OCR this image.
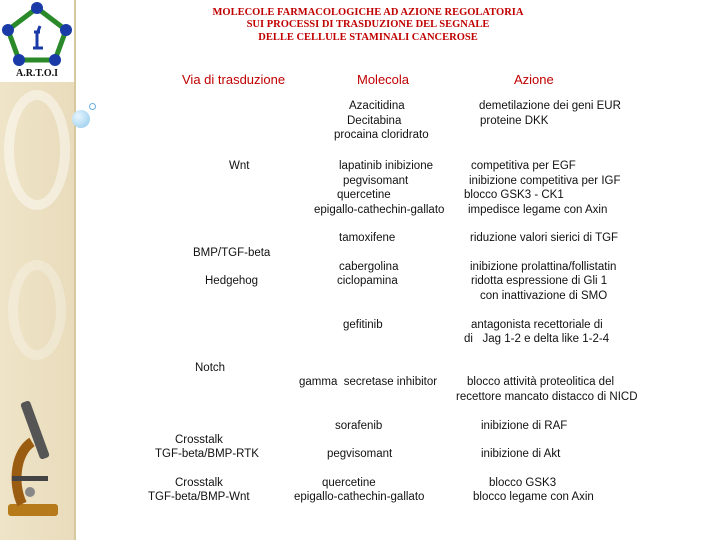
A.R.T.O.I
MOLECOLE FARMACOLOGICHE AD AZIONE REGOLATORIA
SUI PROCESSI DI TRASDUZIONE DEL SEGNALE
DELLE CELLULE STAMINALI CANCEROSE
Via di trasduzione	Molecola	Azione
Wnt
BMP/TGF-beta
Hedgehog
Notch
Crosstalk
TGF-beta/BMP-RTK
Crosstalk
TGF-beta/BMP-Wnt
Azacitidina
Decitabina
procaina cloridrato
lapatinib inibizione
pegvisomant
quercetine
epigallo-cathechin-gallato
tamoxifene
cabergolina
ciclopamina
gefitinib
gamma  secretase inhibitor
sorafenib
pegvisomant
quercetine
epigallo-cathechin-gallato
demetilazione dei geni EUR
proteine DKK
competitiva per EGF
inibizione competitiva per IGF
blocco GSK3 - CK1
impedisce legame con Axin
riduzione valori sierici di TGF
inibizione prolattina/follistatin
ridotta espressione di Gli 1
con inattivazione di SMO
antagonista recettoriale di
di   Jag 1-2 e delta like 1-2-4
blocco attività proteolitica del
recettore mancato distacco di NICD
inibizione di RAF
inibizione di Akt
blocco GSK3
blocco legame con Axin
